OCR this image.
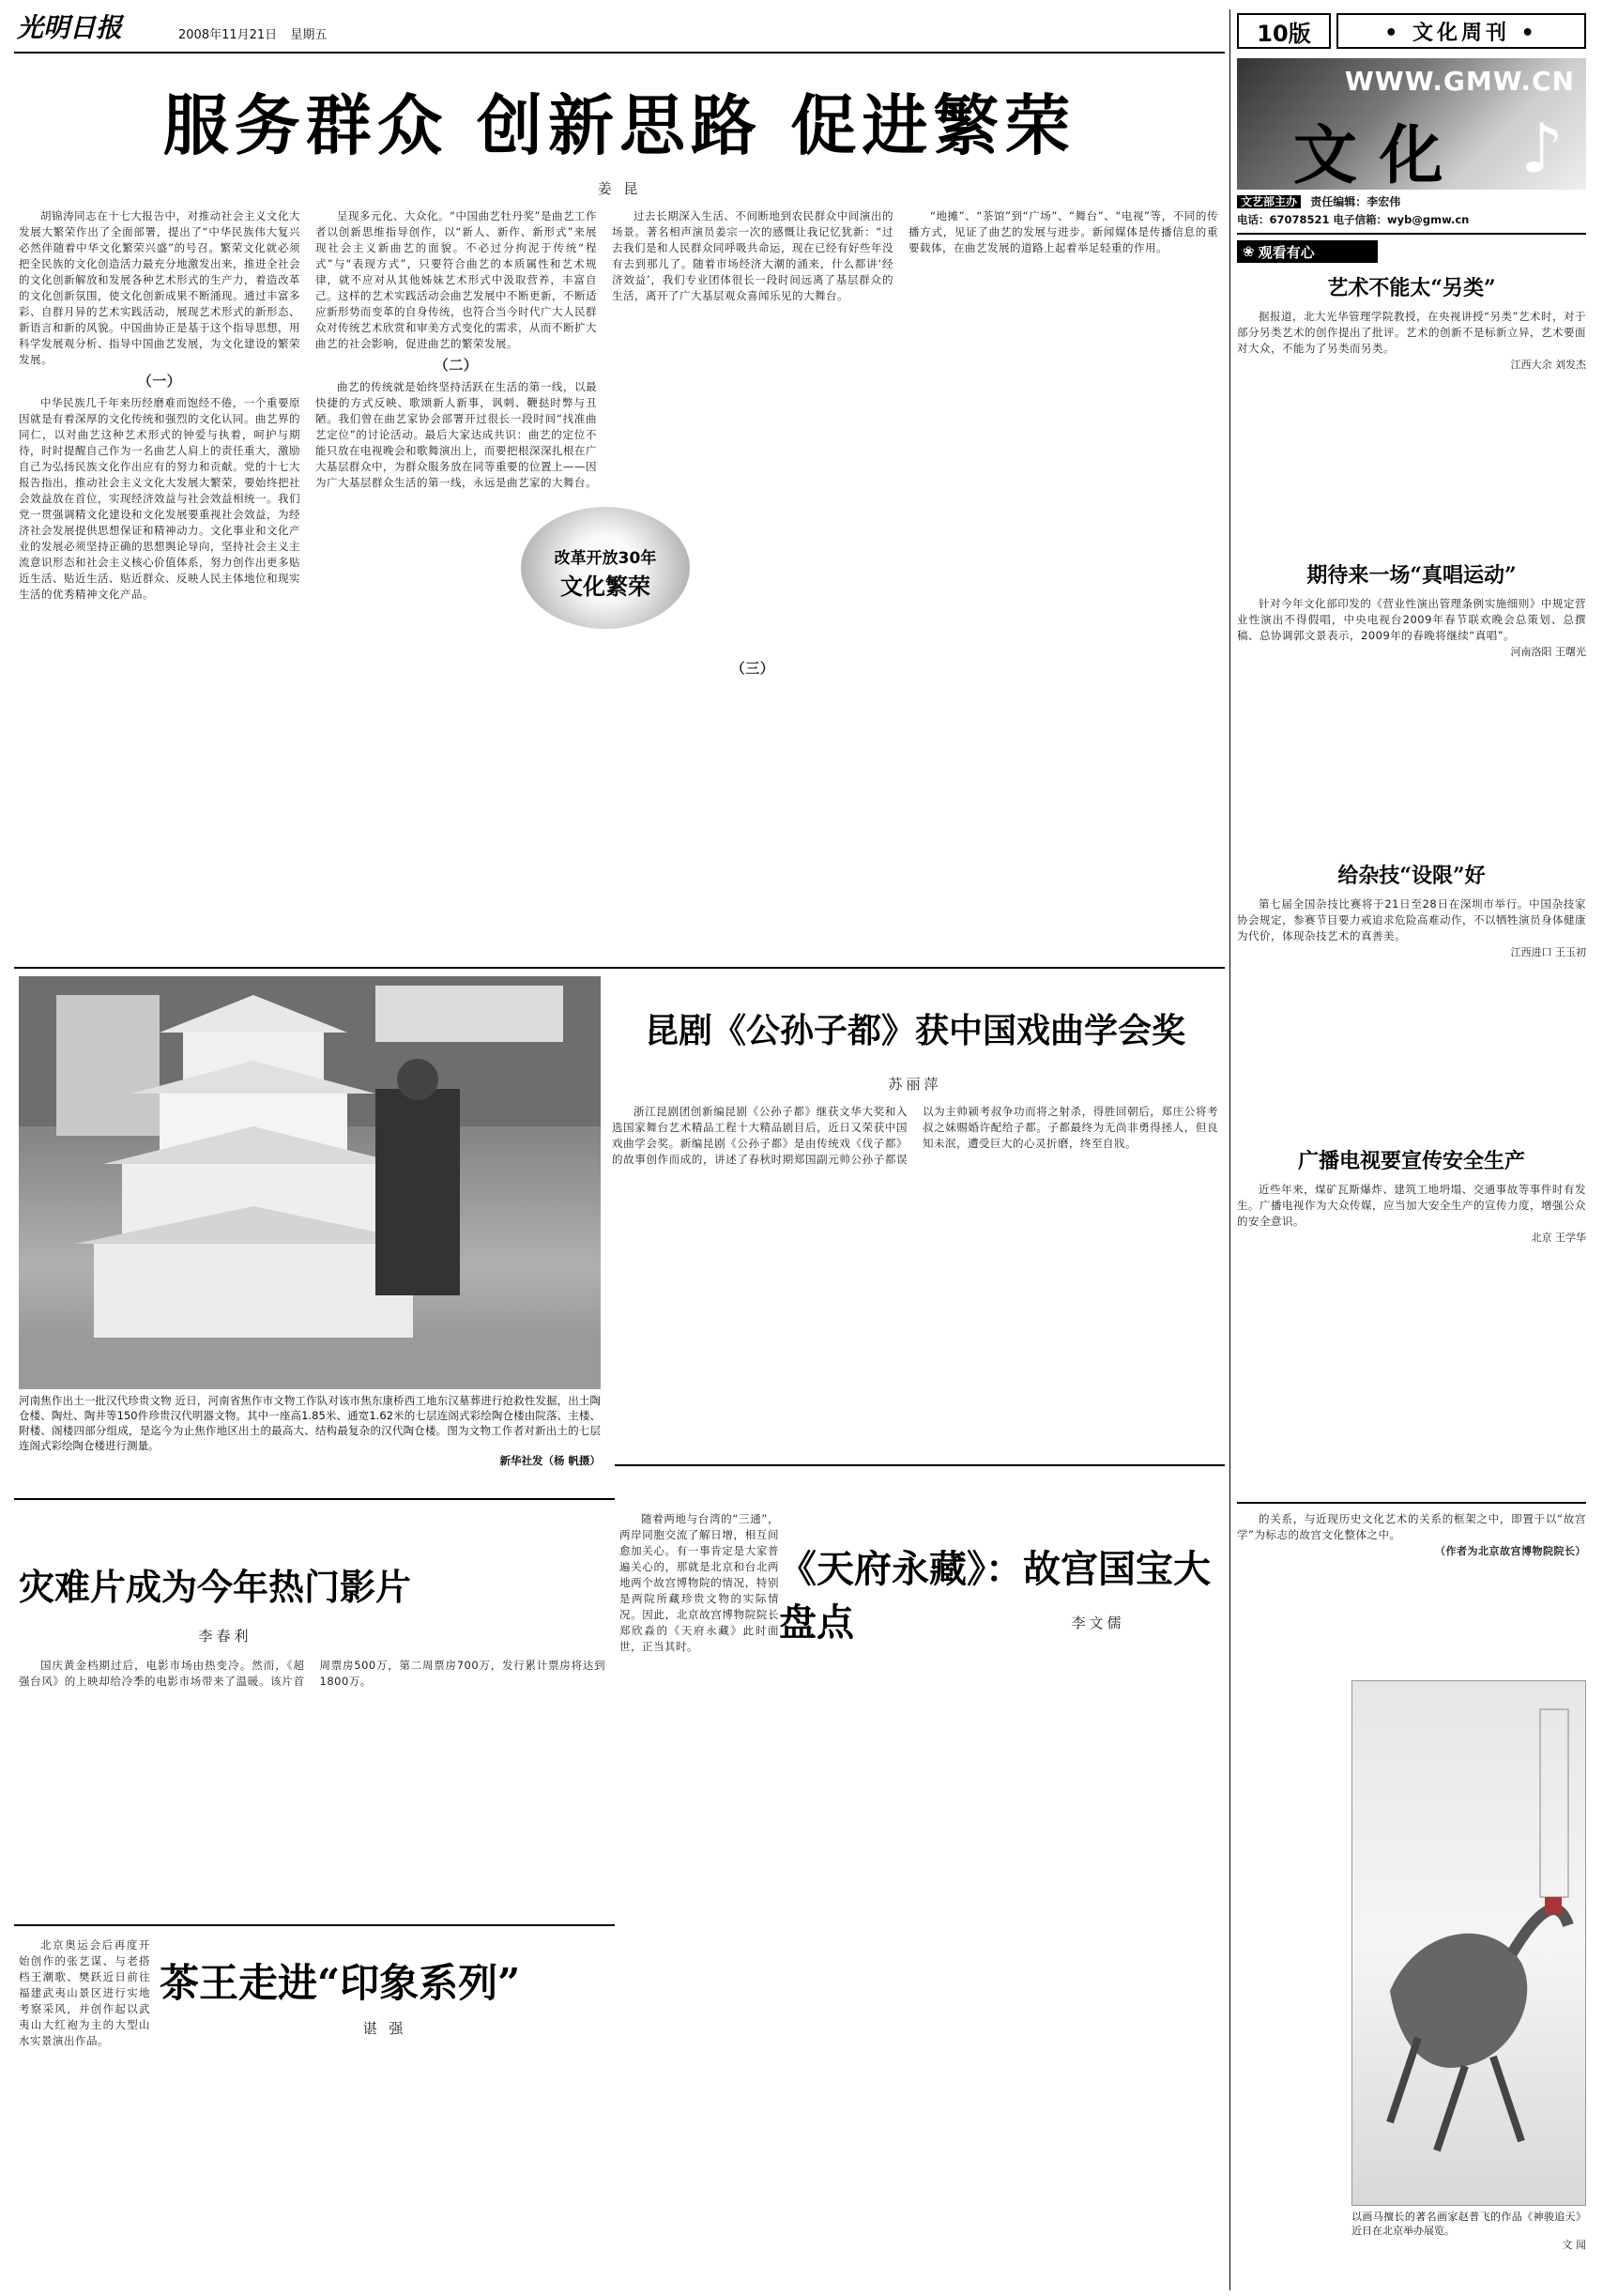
光明日报	2008年11月21日 星期五	10版	• 文化周刊 •
WWW.GMW.CN
文 化 ♪
文艺部主办 责任编辑：李宏伟
电话：67078521 电子信箱：wyb@gmw.cn
服务群众 创新思路 促进繁荣
姜 昆

胡锦涛同志在十七大报告中，对推动社会主义文化大发展大繁荣作出了全面部署，提出了“中华民族伟大复兴必然伴随着中华文化繁荣兴盛”的号召。繁荣文化就必须把全民族的文化创造活力最充分地激发出来，推进全社会的文化创新解放和发展各种艺术形式的生产力，着造改革的文化创新氛围，使文化创新成果不断涌现。通过丰富多彩、自群月异的艺术实践活动，展现艺术形式的新形态、新语言和新的风貌。中国曲协正是基于这个指导思想，用科学发展观分析、指导中国曲艺发展，为文化建设的繁荣发展。

（一）

中华民族几千年来历经磨难而饱经不倦，一个重要原因就是有着深厚的文化传统和强烈的文化认同。曲艺界的同仁，以对曲艺这种艺术形式的钟爱与执着，呵护与期待，时时提醒自己作为一名曲艺人肩上的责任重大，激励自己为弘扬民族文化作出应有的努力和贡献。党的十七大报告指出，推动社会主义文化大发展大繁荣，要始终把社会效益放在首位，实现经济效益与社会效益相统一。我们党一贯强调精文化建设和文化发展要重视社会效益，为经济社会发展提供思想保证和精神动力。文化事业和文化产业的发展必须坚持正确的思想舆论导向，坚持社会主义主流意识形态和社会主义核心价值体系，努力创作出更多贴近生活、贴近生活、贴近群众、反映人民主体地位和现实生活的优秀精神文化产品。

呈现多元化、大众化。“中国曲艺牡丹奖”是曲艺工作者以创新思维指导创作，以“新人、新作、新形式”来展现社会主义新曲艺的面貌。不必过分拘泥于传统“程式”与“表现方式”，只要符合曲艺的本质属性和艺术规律，就不应对从其他姊妹艺术形式中汲取营养，丰富自己。这样的艺术实践活动会曲艺发展中不断更新，不断适应新形势而变革的自身传统，也符合当今时代广大人民群众对传统艺术欣赏和审美方式变化的需求，从而不断扩大曲艺的社会影响，促进曲艺的繁荣发展。

（二）

曲艺的传统就是始终坚持活跃在生活的第一线，以最快捷的方式反映、歌颂新人新事，讽刺、鞭挞时弊与丑陋。我们曾在曲艺家协会部署开过很长一段时间“找准曲艺定位”的讨论活动。最后大家达成共识：曲艺的定位不能只放在电视晚会和歌舞演出上，而要把根深深扎根在广大基层群众中，为群众服务放在同等重要的位置上——因为广大基层群众生活的第一线，永远是曲艺家的大舞台。

过去长期深入生活、不间断地到农民群众中间演出的场景。著名相声演员姜宗一次的感慨让我记忆犹新：“过去我们是和人民群众同呼吸共命运，现在已经有好些年没有去到那儿了。随着市场经济大潮的涌来，什么都讲‘经济效益’，我们专业团体很长一段时间远离了基层群众的生活，离开了广大基层观众喜闻乐见的大舞台。

（三）

“地摊”、“茶馆”到“广场”、“舞台”、“电视”等，不同的传播方式，见证了曲艺的发展与进步。新闻媒体是传播信息的重要载体，在曲艺发展的道路上起着举足轻重的作用。

改革开放30年
文化繁荣
河南焦作出土一批汉代珍贵文物 近日，河南省焦作市文物工作队对该市焦东康桥西工地东汉墓葬进行抢救性发掘，出土陶仓楼、陶灶、陶井等150件珍贵汉代明器文物。其中一座高1.85米、通宽1.62米的七层连阁式彩绘陶仓楼由院落、主楼、附楼、阁楼四部分组成，是迄今为止焦作地区出土的最高大、结构最复杂的汉代陶仓楼。图为文物工作者对新出土的七层连阁式彩绘陶仓楼进行测量。
新华社发（杨 帆摄）
昆剧《公孙子都》获中国戏曲学会奖
苏丽萍

浙江昆剧团创新编昆剧《公孙子都》继获文华大奖和入选国家舞台艺术精品工程十大精品剧目后，近日又荣获中国戏曲学会奖。新编昆剧《公孙子都》是由传统戏《伐子都》的故事创作而成的，讲述了春秋时期郑国副元帅公孙子都误以为主帅颍考叔争功而将之射杀，得胜回朝后，郑庄公将考叔之妹赐婚许配给子都。子都最终为无尚非勇得拯人，但良知未泯，遭受巨大的心灵折磨，终至自戕。

灾难片成为今年热门影片
李春利

国庆黄金档期过后，电影市场由热变冷。然而，《超强台风》的上映却给冷季的电影市场带来了温暖。该片首周票房500万，第二周票房700万，发行累计票房将达到1800万。

北京奥运会后再度开始创作的张艺谋、与老搭档王潮歌、樊跃近日前往福建武夷山景区进行实地考察采风，并创作起以武夷山大红袍为主的大型山水实景演出作品。

茶王走进“印象系列”
谌 强

随着两地与台湾的“三通”，两岸同胞交流了解日增，相互间愈加关心。有一事肯定是大家普遍关心的，那就是北京和台北两地两个故宫博物院的情况，特别是两院所藏珍贵文物的实际情况。因此，北京故宫博物院院长郑欣淼的《天府永藏》此时面世，正当其时。

《天府永藏》：故宫国宝大盘点	李文儒
❀ 观看有心
艺术不能太“另类”

据报道，北大光华管理学院教授，在央视讲授“另类”艺术时，对于部分另类艺术的创作提出了批评。艺术的创新不是标新立异，艺术要面对大众，不能为了另类而另类。

江西大余 刘发杰
期待来一场“真唱运动”

针对今年文化部印发的《营业性演出管理条例实施细则》中规定营业性演出不得假唱，中央电视台2009年春节联欢晚会总策划、总撰稿、总协调郭文景表示，2009年的春晚将继续“真唱”。

河南洛阳 王曙光
给杂技“设限”好

第七届全国杂技比赛将于21日至28日在深圳市举行。中国杂技家协会规定，参赛节目要力戒追求危险高难动作，不以牺牲演员身体健康为代价，体现杂技艺术的真善美。

江西进口 王玉初
广播电视要宣传安全生产

近些年来，煤矿瓦斯爆炸、建筑工地坍塌、交通事故等事件时有发生。广播电视作为大众传媒，应当加大安全生产的宣传力度，增强公众的安全意识。

北京 王学华

的关系，与近现历史文化艺术的关系的框架之中，即置于以“故宫学”为标志的故宫文化整体之中。

（作者为北京故宫博物院院长）
以画马擅长的著名画家赵普飞的作品《神骏追天》近日在北京举办展览。
文 闻
